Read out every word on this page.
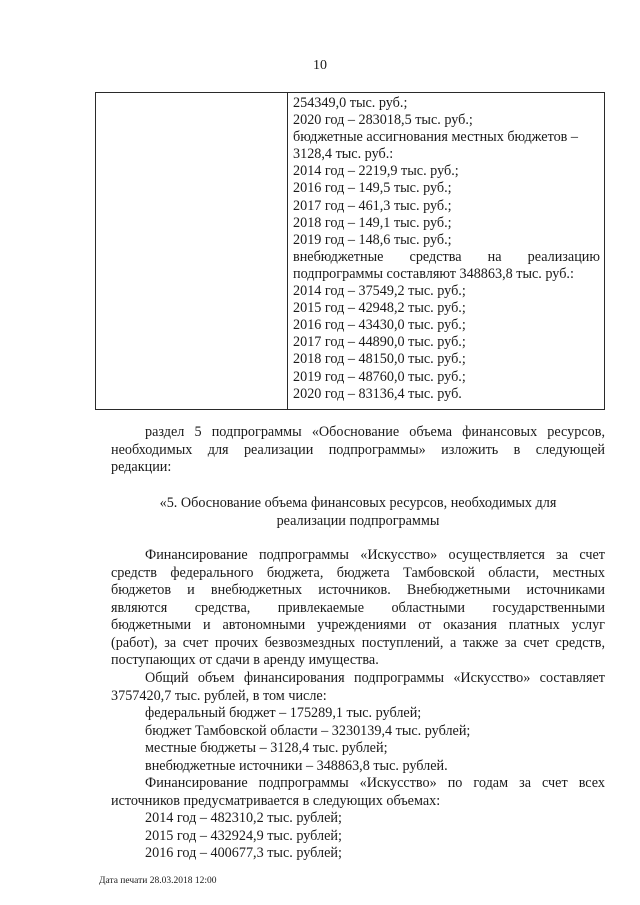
10

254349,0 тыс. руб.;
2020 год – 283018,5 тыс. руб.;
бюджетные ассигнования местных бюджетов –
3128,4 тыс. руб.:
2014 год – 2219,9 тыс. руб.;
2016 год – 149,5 тыс. руб.;
2017 год – 461,3 тыс. руб.;
2018 год – 149,1 тыс. руб.;
2019 год – 148,6 тыс. руб.;
внебюджетные средства на реализацию
подпрограммы составляют 348863,8 тыс. руб.:
2014 год – 37549,2 тыс. руб.;
2015 год – 42948,2 тыс. руб.;
2016 год – 43430,0 тыс. руб.;
2017 год – 44890,0 тыс. руб.;
2018 год – 48150,0 тыс. руб.;
2019 год – 48760,0 тыс. руб.;
2020 год – 83136,4 тыс. руб.
раздел 5 подпрограммы «Обоснование объема финансовых ресурсов,
необходимых для реализации подпрограммы» изложить в следующей
редакции:
«5. Обоснование объема финансовых ресурсов, необходимых для
реализации подпрограммы
Финансирование подпрограммы «Искусство» осуществляется за счет
средств федерального бюджета, бюджета Тамбовской области, местных
бюджетов и внебюджетных источников. Внебюджетными источниками
являются средства, привлекаемые областными государственными
бюджетными и автономными учреждениями от оказания платных услуг
(работ), за счет прочих безвозмездных поступлений, а также за счет средств,
поступающих от сдачи в аренду имущества.
Общий объем финансирования подпрограммы «Искусство» составляет
3757420,7 тыс. рублей, в том числе:
федеральный бюджет – 175289,1 тыс. рублей;
бюджет Тамбовской области – 3230139,4 тыс. рублей;
местные бюджеты – 3128,4 тыс. рублей;
внебюджетные источники – 348863,8 тыс. рублей.
Финансирование подпрограммы «Искусство» по годам за счет всех
источников предусматривается в следующих объемах:
2014 год – 482310,2 тыс. рублей;
2015 год – 432924,9 тыс. рублей;
2016 год – 400677,3 тыс. рублей;
Дата печати 28.03.2018 12:00
